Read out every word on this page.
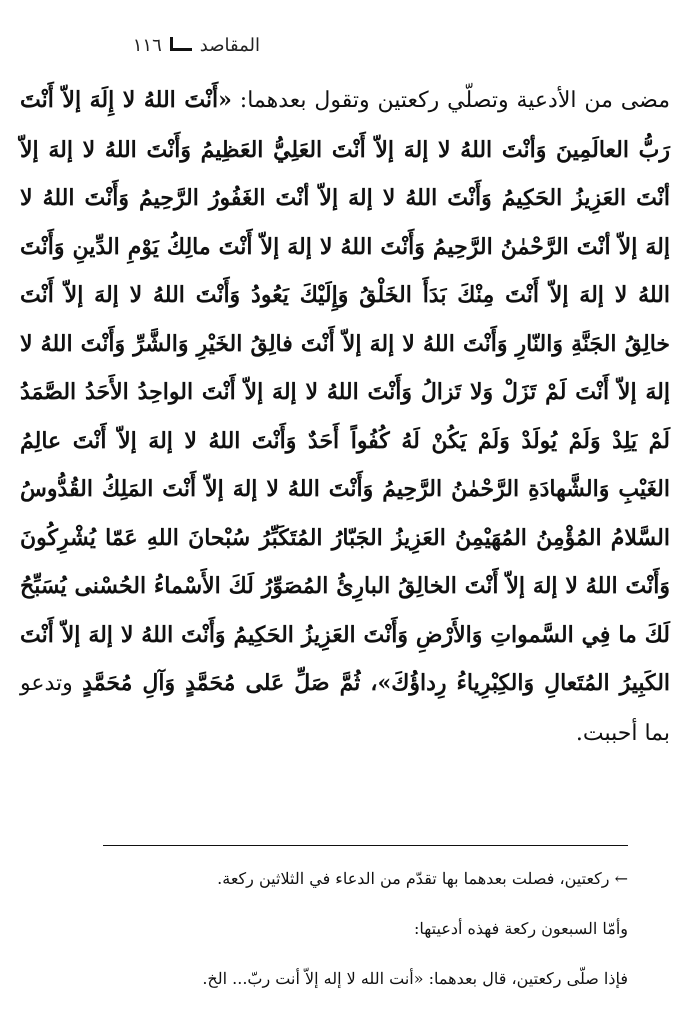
المقاصد
١١٦
مضى من الأدعية وتصلّي ركعتين وتقول بعدهما: «أَنْتَ اللهُ لا إِلَهَ إلاّ أَنْتَ رَبُّ العالَمِينَ وَأنْتَ اللهُ لا إلهَ إلاّ أَنْتَ العَلِيُّ العَظِيمُ وَأَنْتَ اللهُ لا إلهَ إلاّ أنْتَ العَزِيزُ الحَكِيمُ وَأَنْتَ اللهُ لا إلهَ إلاّ أنْتَ الغَفُورُ الرَّحِيمُ وَأَنْتَ اللهُ لا إلهَ إلاّ أنْتَ الرَّحْمٰنُ الرَّحِيمُ وَأَنْتَ اللهُ لا إلهَ إلاّ أَنْتَ مالِكُ يَوْمِ الدِّينِ وَأَنْتَ اللهُ لا إلهَ إلاّ أَنْتَ مِنْكَ بَدَأَ الخَلْقُ وَإِلَيْكَ يَعُودُ وَأَنْتَ اللهُ لا إلهَ إلاّ أَنْتَ خالِقُ الجَنَّةِ وَالنّارِ وَأَنْتَ اللهُ لا إلهَ إلاّ أَنْتَ فالِقُ الخَيْرِ وَالشَّرِّ وَأَنْتَ اللهُ لا إلهَ إلاّ أَنْتَ لَمْ تَزَلْ وَلا تَزالُ وَأَنْتَ اللهُ لا إلهَ إلاّ أَنْتَ الواحِدُ الأَحَدُ الصَّمَدُ لَمْ يَلِدْ وَلَمْ يُولَدْ وَلَمْ يَكُنْ لَهُ كُفُواً أَحَدٌ وَأَنْتَ اللهُ لا إلهَ إلاّ أَنْتَ عالِمُ الغَيْبِ وَالشَّهادَةِ الرَّحْمٰنُ الرَّحِيمُ وَأَنْتَ اللهُ لا إلهَ إلاّ أَنْتَ المَلِكُ القُدُّوسُ السَّلامُ المُؤْمِنُ المُهَيْمِنُ العَزِيزُ الجَبّارُ المُتَكَبِّرُ سُبْحانَ اللهِ عَمّا يُشْرِكُونَ وَأَنْتَ اللهُ لا إلهَ إلاّ أَنْتَ الخالِقُ البارِئُ المُصَوِّرُ لَكَ الأَسْماءُ الحُسْنى يُسَبِّحُ لَكَ ما فِي السَّمواتِ وَالأَرْضِ وَأَنْتَ العَزِيزُ الحَكِيمُ وَأَنْتَ اللهُ لا إلهَ إلاّ أَنْتَ الكَبِيرُ المُتَعالِ وَالكِبْرِياءُ رِداؤُكَ»، ثُمَّ صَلِّ عَلى مُحَمَّدٍ وَآلِ مُحَمَّدٍ وتدعو بما أحببت.

← ركعتين، فصلت بعدهما بها تقدّم من الدعاء في الثلاثين ركعة.

وأمّا السبعون ركعة فهذه أدعيتها:

فإذا صلّى ركعتين، قال بعدهما: «أنت الله لا إله إلاّ أنت ربّ... الخ.
